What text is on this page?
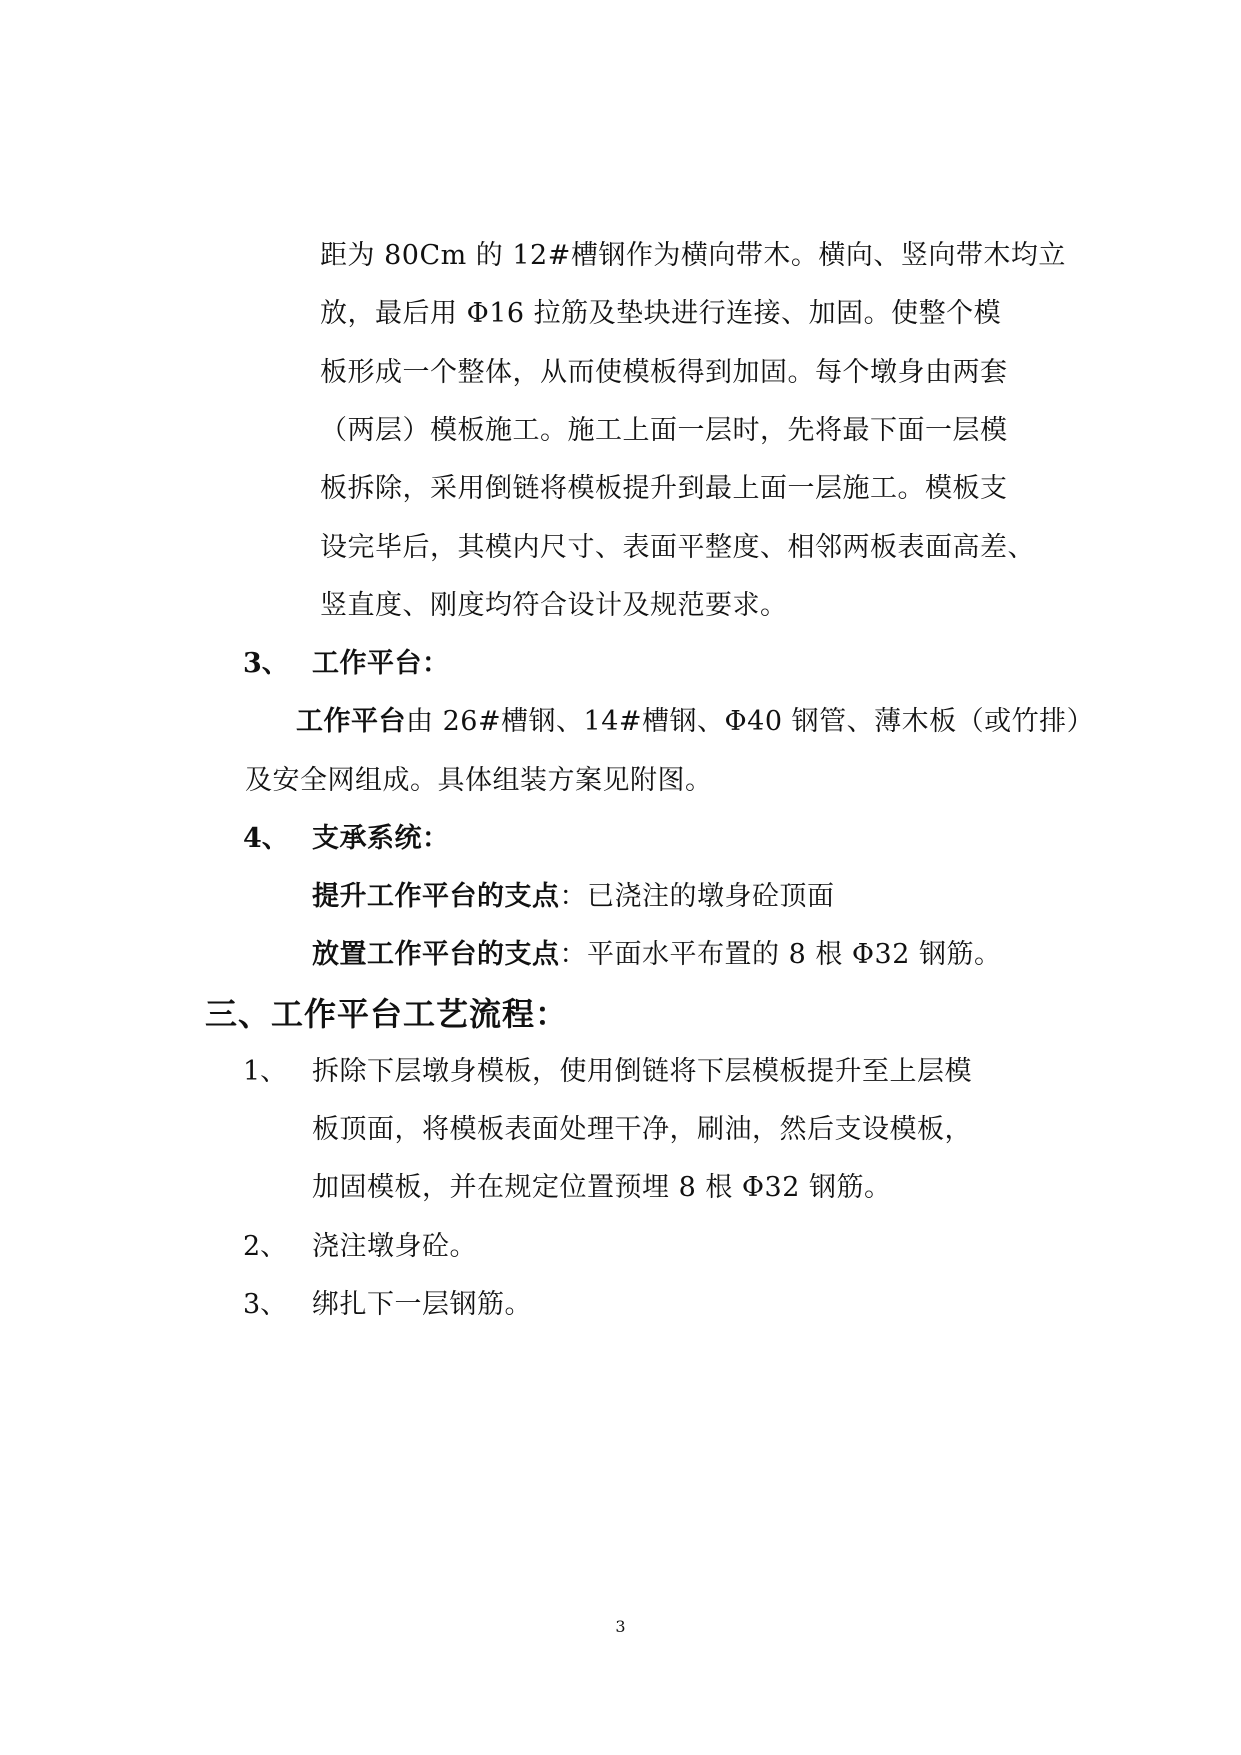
距为 80Cm 的 12#槽钢作为横向带木。横向、竖向带木均立
放，最后用 Φ16 拉筋及垫块进行连接、加固。使整个模
板形成一个整体，从而使模板得到加固。每个墩身由两套
（两层）模板施工。施工上面一层时，先将最下面一层模
板拆除，采用倒链将模板提升到最上面一层施工。模板支
设完毕后，其模内尺寸、表面平整度、相邻两板表面高差、
竖直度、刚度均符合设计及规范要求。
3、 工作平台：
工作平台由 26#槽钢、14#槽钢、Φ40 钢管、薄木板（或竹排）
及安全网组成。具体组装方案见附图。
4、 支承系统：
提升工作平台的支点：已浇注的墩身砼顶面
放置工作平台的支点：平面水平布置的 8 根 Φ32 钢筋。
三、工作平台工艺流程：
1、 拆除下层墩身模板，使用倒链将下层模板提升至上层模
板顶面，将模板表面处理干净，刷油，然后支设模板，
加固模板，并在规定位置预埋 8 根 Φ32 钢筋。
2、 浇注墩身砼。
3、 绑扎下一层钢筋。
3
